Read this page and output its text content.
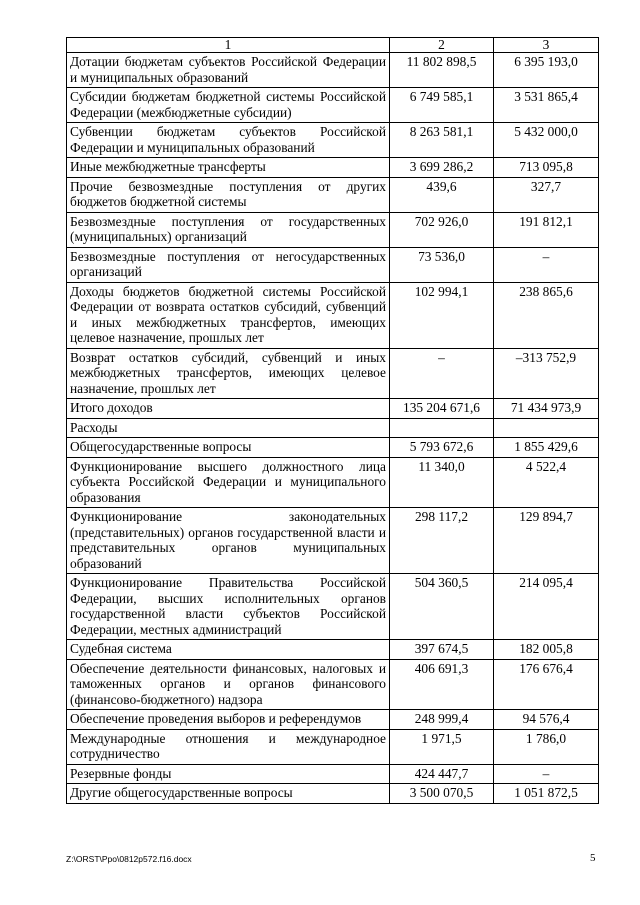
1	2	3
Дотации бюджетам субъектов Российской Федерации и муниципальных образований	11 802 898,5	6 395 193,0
Субсидии бюджетам бюджетной системы Российской Федерации (межбюджетные субсидии)	6 749 585,1	3 531 865,4
Субвенции бюджетам субъектов Российской Федерации и муниципальных образований	8 263 581,1	5 432 000,0
Иные межбюджетные трансферты	3 699 286,2	713 095,8
Прочие безвозмездные поступления от других бюджетов бюджетной системы	439,6	327,7
Безвозмездные поступления от государственных (муниципальных) организаций	702 926,0	191 812,1
Безвозмездные поступления от негосударственных организаций	73 536,0	–
Доходы бюджетов бюджетной системы Российской Федерации от возврата остатков субсидий, субвенций и иных межбюджетных трансфертов, имеющих целевое назначение, прошлых лет	102 994,1	238 865,6
Возврат остатков субсидий, субвенций и иных межбюджетных трансфертов, имеющих целевое назначение, прошлых лет	–	–313 752,9
Итого доходов	135 204 671,6	71 434 973,9
Расходы		
Общегосударственные вопросы	5 793 672,6	1 855 429,6
Функционирование высшего должностного лица субъекта Российской Федерации и муниципального образования	11 340,0	4 522,4
Функционирование законодательных (представительных) органов государственной власти и представительных органов муниципальных образований	298 117,2	129 894,7
Функционирование Правительства Российской Федерации, высших исполнительных органов государственной власти субъектов Российской Федерации, местных администраций	504 360,5	214 095,4
Судебная система	397 674,5	182 005,8
Обеспечение деятельности финансовых, налоговых и таможенных органов и органов финансового (финансово-бюджетного) надзора	406 691,3	176 676,4
Обеспечение проведения выборов и референдумов	248 999,4	94 576,4
Международные отношения и международное сотрудничество	1 971,5	1 786,0
Резервные фонды	424 447,7	–
Другие общегосударственные вопросы	3 500 070,5	1 051 872,5
Z:\ORST\Ppo\0812p572.f16.docx	5
